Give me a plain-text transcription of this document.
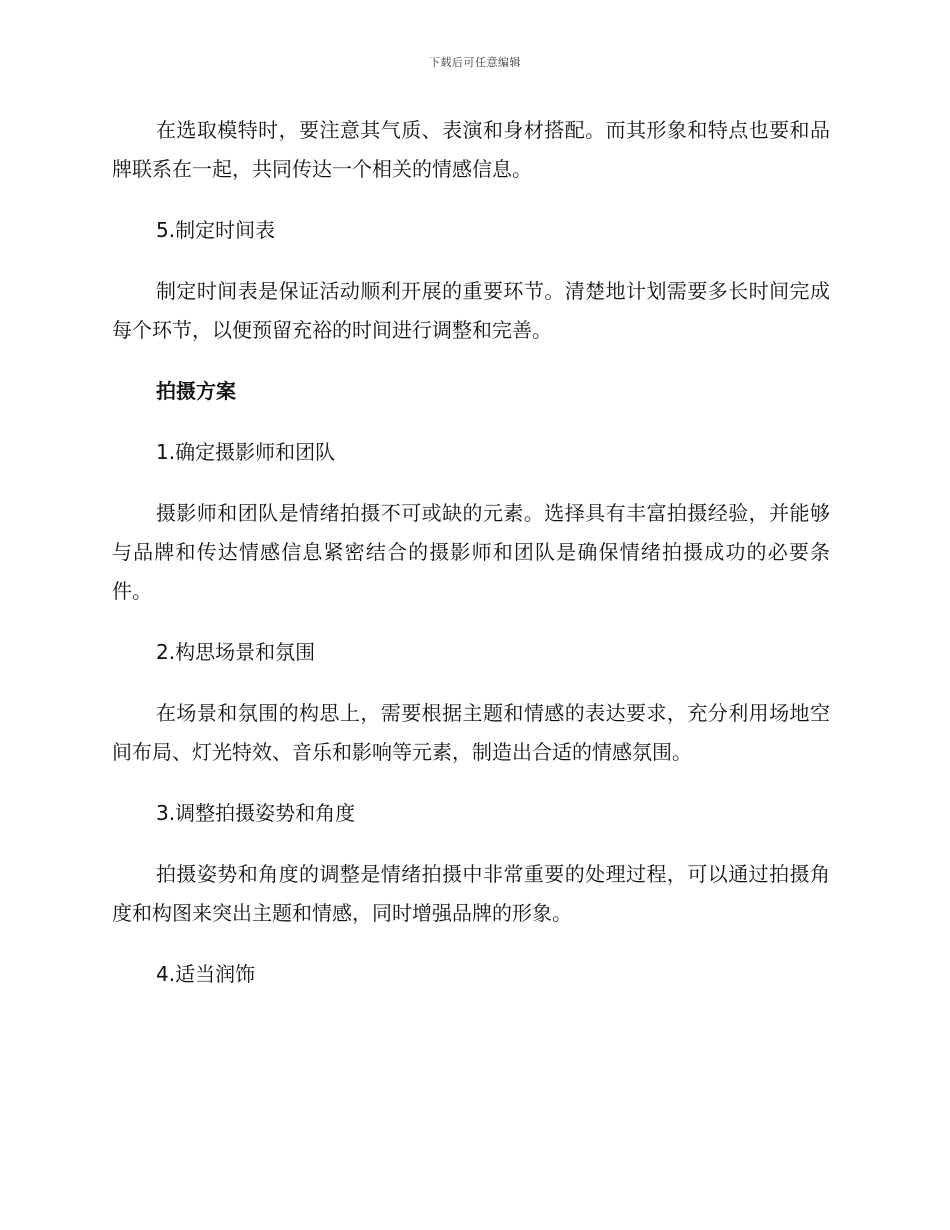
下载后可任意编辑

在选取模特时，要注意其气质、表演和身材搭配。而其形象和特点也要和品牌联系在一起，共同传达一个相关的情感信息。

5.制定时间表

制定时间表是保证活动顺利开展的重要环节。清楚地计划需要多长时间完成每个环节，以便预留充裕的时间进行调整和完善。

拍摄方案

1.确定摄影师和团队

摄影师和团队是情绪拍摄不可或缺的元素。选择具有丰富拍摄经验，并能够与品牌和传达情感信息紧密结合的摄影师和团队是确保情绪拍摄成功的必要条件。

2.构思场景和氛围

在场景和氛围的构思上，需要根据主题和情感的表达要求，充分利用场地空间布局、灯光特效、音乐和影响等元素，制造出合适的情感氛围。

3.调整拍摄姿势和角度

拍摄姿势和角度的调整是情绪拍摄中非常重要的处理过程，可以通过拍摄角度和构图来突出主题和情感，同时增强品牌的形象。

4.适当润饰
